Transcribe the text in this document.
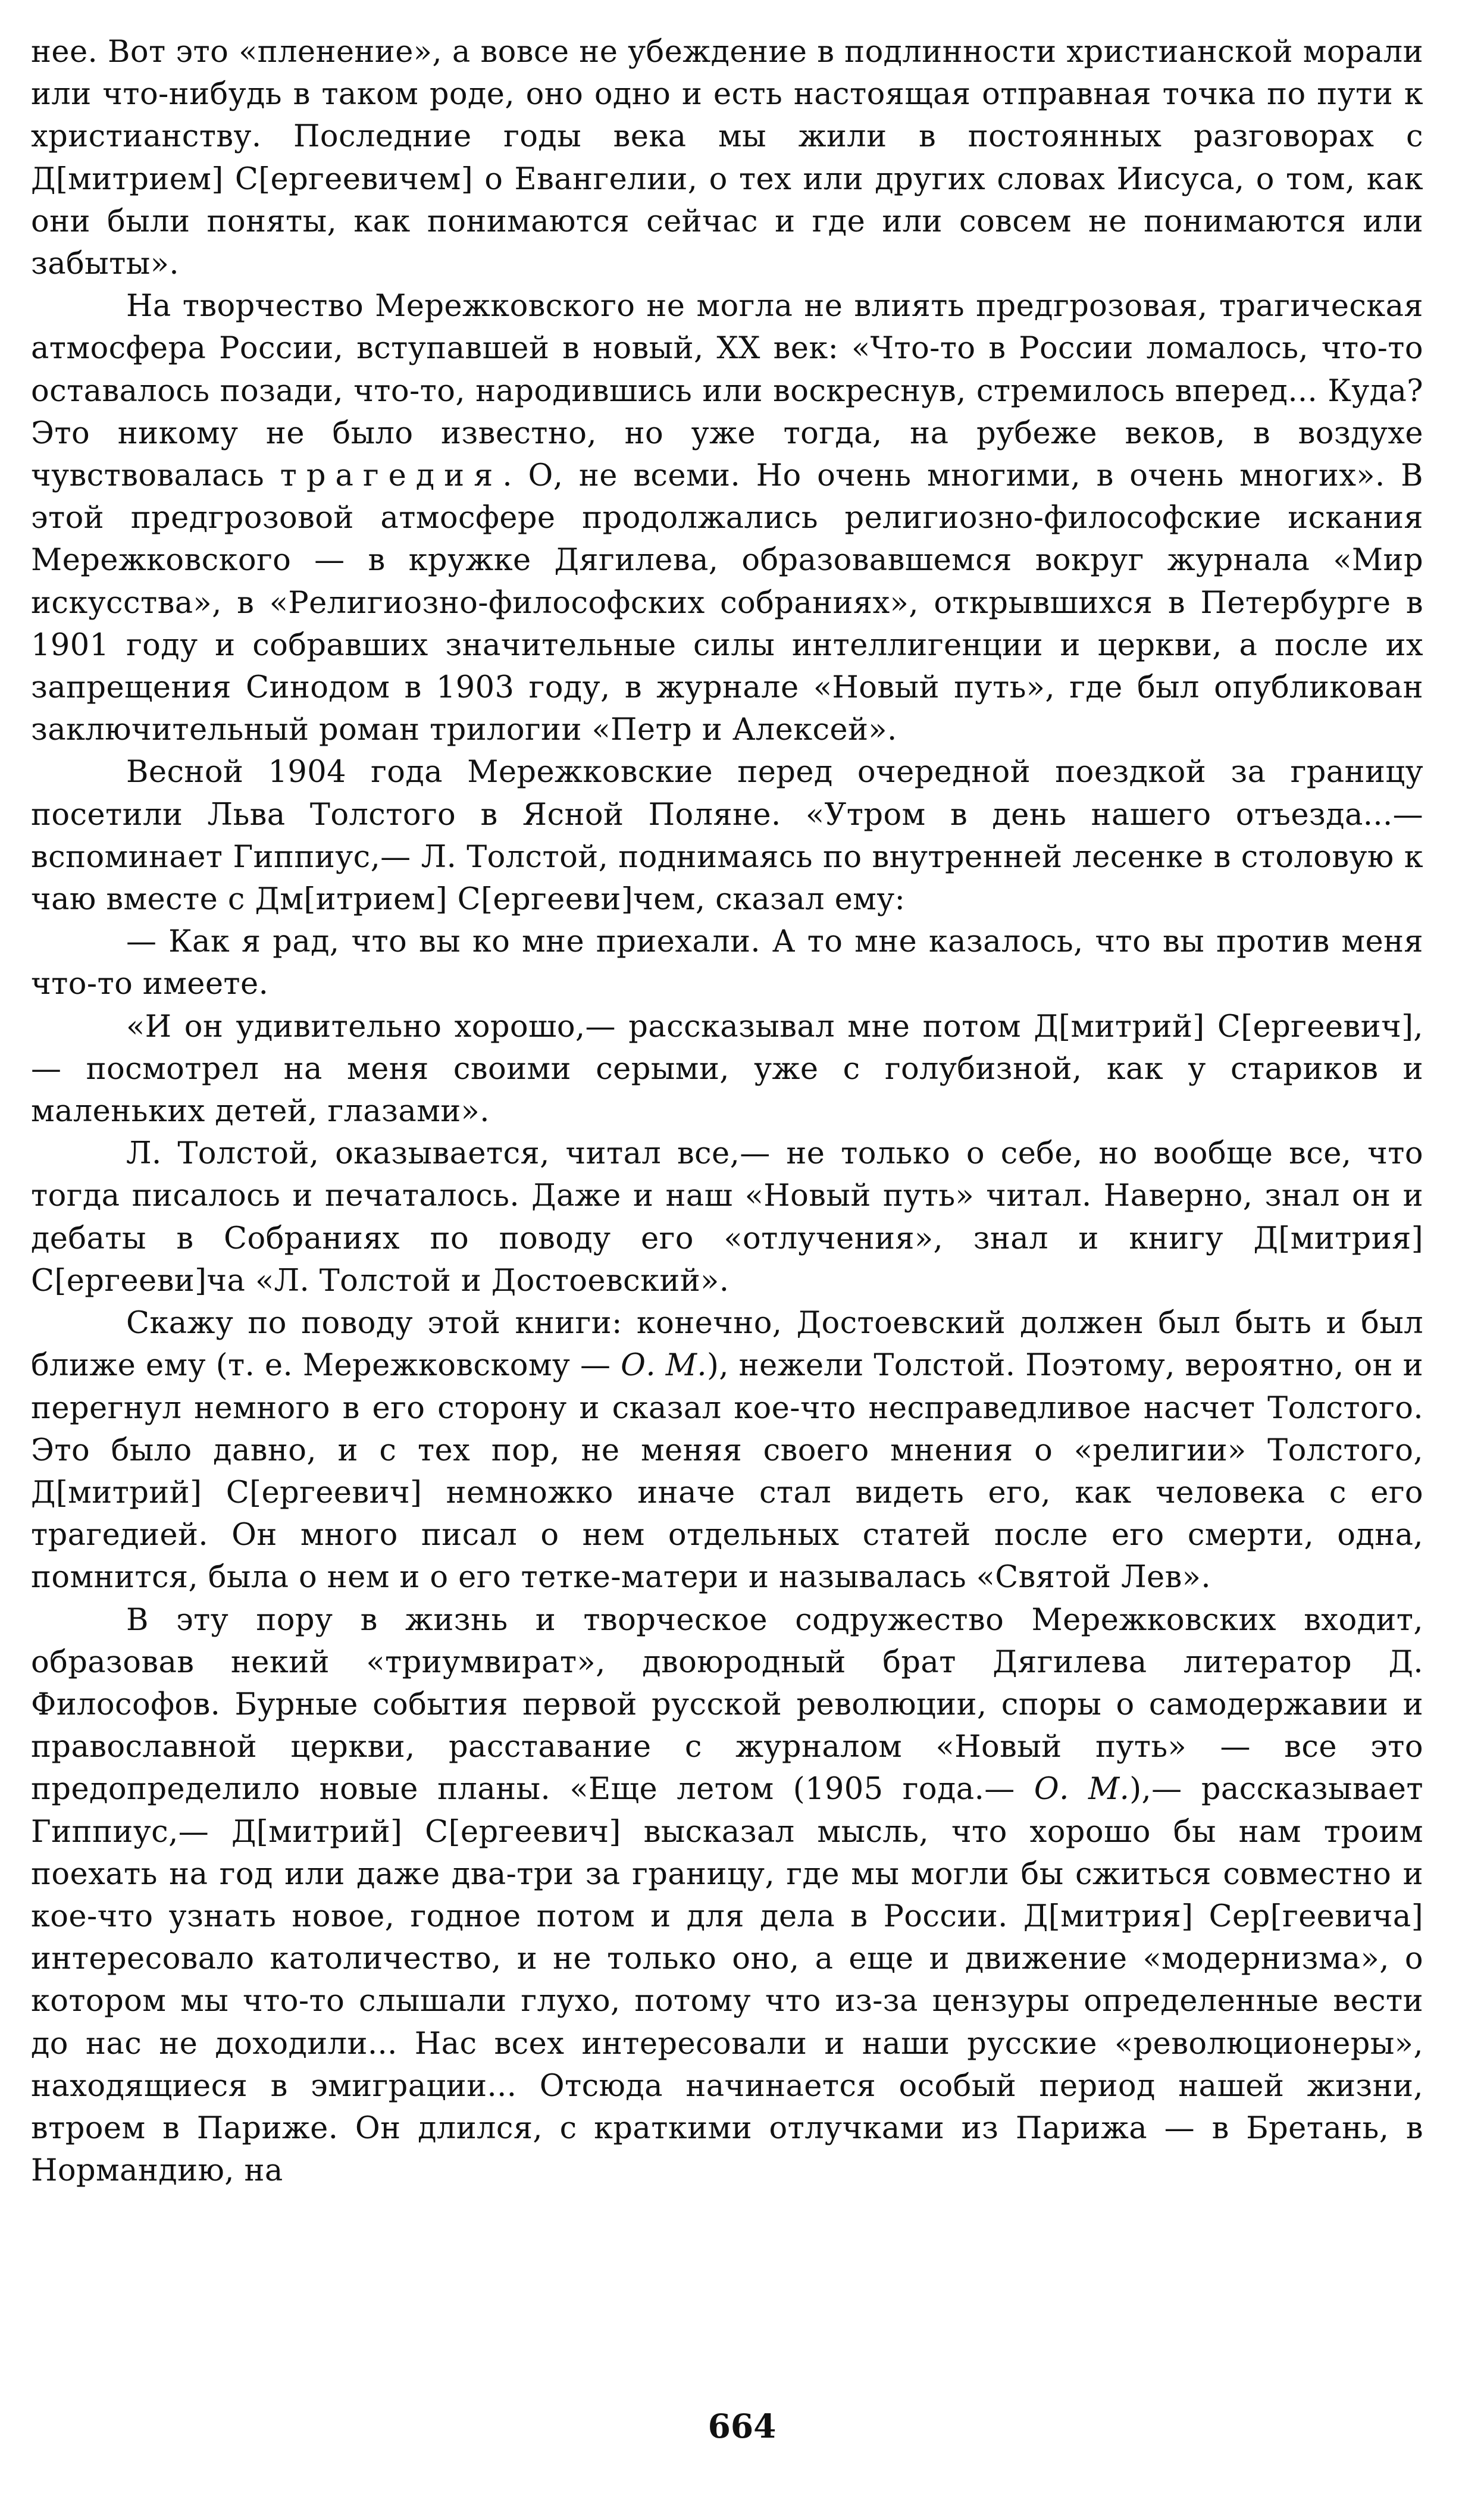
нее. Вот это «пленение», а вовсе не убеждение в подлинности христианской морали или что-нибудь в таком роде, оно одно и есть настоящая отправная точка по пути к христианству. Последние годы века мы жили в постоянных разговорах с Д[митрием] С[ергеевичем] о Евангелии, о тех или других словах Иисуса, о том, как они были поняты, как понимаются сейчас и где или совсем не понимаются или забыты».

На творчество Мережковского не могла не влиять предгрозовая, трагическая атмосфера России, вступавшей в новый, XX век: «Что-то в России ломалось, что-то оставалось позади, что-то, народившись или воскреснув, стремилось вперед... Куда? Это никому не было известно, но уже тогда, на рубеже веков, в воздухе чувствовалась трагедия. О, не всеми. Но очень многими, в очень многих». В этой предгрозовой атмосфере продолжались религиозно-философские искания Мережковского — в кружке Дягилева, образовавшемся вокруг журнала «Мир искусства», в «Религиозно-философских собраниях», открывшихся в Петербурге в 1901 году и собравших значительные силы интеллигенции и церкви, а после их запрещения Синодом в 1903 году, в журнале «Новый путь», где был опубликован заключительный роман трилогии «Петр и Алексей».

Весной 1904 года Мережковские перед очередной поездкой за границу посетили Льва Толстого в Ясной Поляне. «Утром в день нашего отъезда...— вспоминает Гиппиус,— Л. Толстой, поднимаясь по внутренней лесенке в столовую к чаю вместе с Дм[итрием] С[ергееви]чем, сказал ему:

— Как я рад, что вы ко мне приехали. А то мне казалось, что вы против меня что-то имеете.

«И он удивительно хорошо,— рассказывал мне потом Д[митрий] С[ергеевич],— посмотрел на меня своими серыми, уже с голубизной, как у стариков и маленьких детей, глазами».

Л. Толстой, оказывается, читал все,— не только о себе, но вообще все, что тогда писалось и печаталось. Даже и наш «Новый путь» читал. Наверно, знал он и дебаты в Собраниях по поводу его «отлучения», знал и книгу Д[митрия] С[ергееви]ча «Л. Толстой и Достоевский».

Скажу по поводу этой книги: конечно, Достоевский должен был быть и был ближе ему (т. е. Мережковскому — О. М.), нежели Толстой. Поэтому, вероятно, он и перегнул немного в его сторону и сказал кое-что несправедливое насчет Толстого. Это было давно, и с тех пор, не меняя своего мнения о «религии» Толстого, Д[митрий] С[ергеевич] немножко иначе стал видеть его, как человека с его трагедией. Он много писал о нем отдельных статей после его смерти, одна, помнится, была о нем и о его тетке-матери и называлась «Святой Лев».

В эту пору в жизнь и творческое содружество Мережковских входит, образовав некий «триумвират», двоюродный брат Дягилева литератор Д. Философов. Бурные события первой русской революции, споры о самодержавии и православной церкви, расставание с журналом «Новый путь» — все это предопределило новые планы. «Еще летом (1905 года.— О. М.),— рассказывает Гиппиус,— Д[митрий] С[ергеевич] высказал мысль, что хорошо бы нам троим поехать на год или даже два-три за границу, где мы могли бы сжиться совместно и кое-что узнать новое, годное потом и для дела в России. Д[митрия] Сер[геевича] интересовало католичество, и не только оно, а еще и движение «модернизма», о котором мы что-то слышали глухо, потому что из-за цензуры определенные вести до нас не доходили... Нас всех интересовали и наши русские «революционеры», находящиеся в эмиграции... Отсюда начинается особый период нашей жизни, втроем в Париже. Он длился, с краткими отлучками из Парижа — в Бретань, в Нормандию, на

664
